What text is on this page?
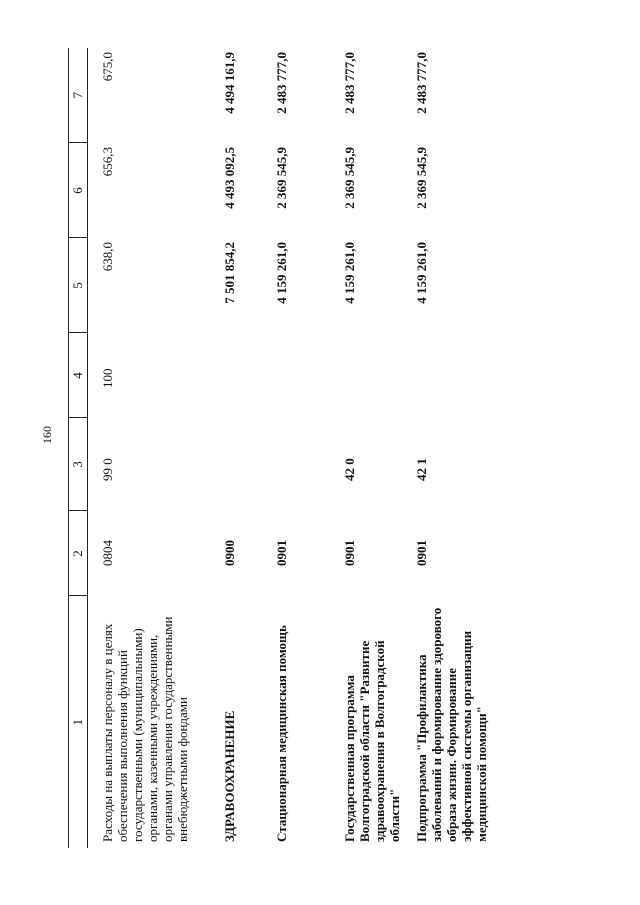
160
1	2	3	4	5	6	7
Расходы на выплаты персоналу в целях обеспечения выполнения функций государственными (муниципальными) органами, казенными учреждениями, органами управления государственными внебюджетными фондами	0804	99 0	100	638,0	656,3	675,0
ЗДРАВООХРАНЕНИЕ	0900			7 501 854,2	4 493 092,5	4 494 161,9
Стационарная медицинская помощь	0901			4 159 261,0	2 369 545,9	2 483 777,0
Государственная программа Волгоградской области "Развитие здравоохранения в Волгоградской области"	0901	42 0		4 159 261,0	2 369 545,9	2 483 777,0
Подпрограмма "Профилактика заболеваний и формирование здорового образа жизни. Формирование эффективной системы организации медицинской помощи"	0901	42 1		4 159 261,0	2 369 545,9	2 483 777,0
